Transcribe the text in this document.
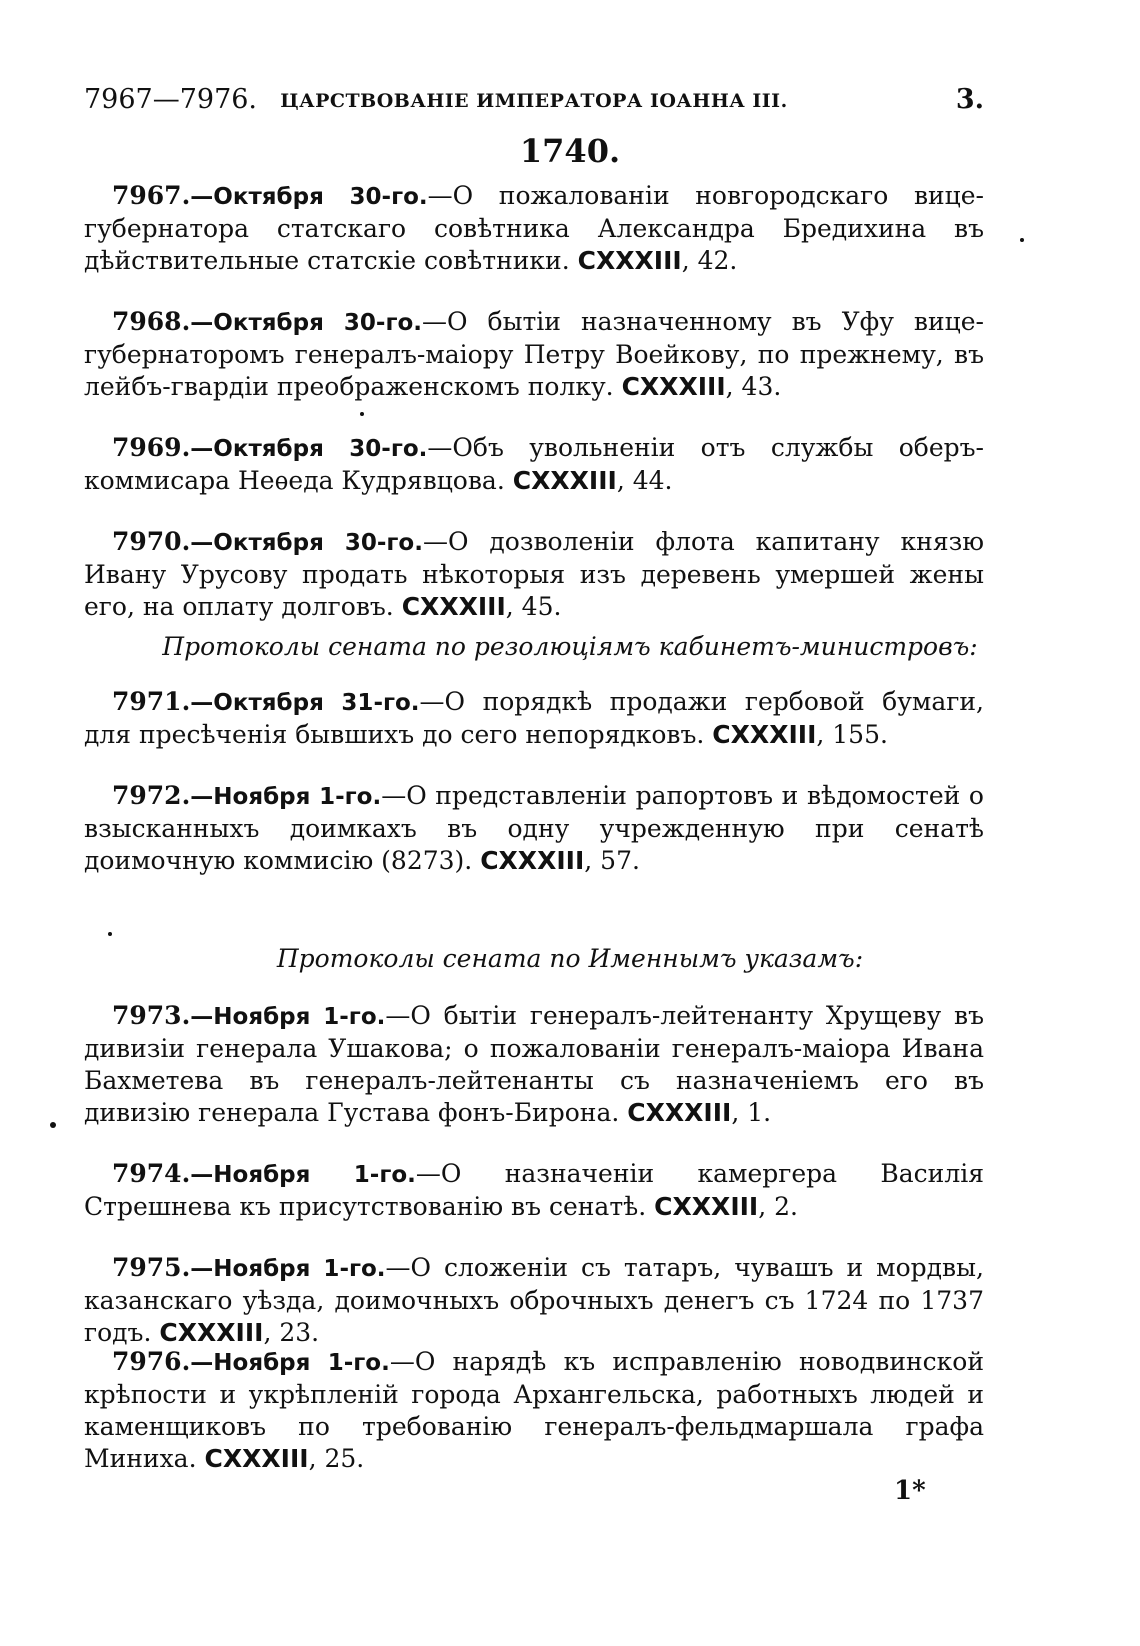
7967—7976.	ЦАРСТВОВАНІЕ ИМПЕРАТОРА ІОАННА III.	3.
1740.
7967.—Октября 30-го.—О пожалованіи новгородскаго вице-губернатора статскаго совѣтника Александра Бредихина въ дѣйствительные статскіе совѣтники. CXXXIII, 42.
7968.—Октября 30-го.—О бытіи назначенному въ Уфу вице-губернаторомъ генералъ-маіору Петру Воейкову, по прежнему, въ лейбъ-гвардіи преображенскомъ полку. CXXXIII, 43.
7969.—Октября 30-го.—Объ увольненіи отъ службы оберъ-коммисара Неѳеда Кудрявцова. CXXXIII, 44.
7970.—Октября 30-го.—О дозволеніи флота капитану князю Ивану Урусову продать нѣкоторыя изъ деревень умершей жены его, на оплату долговъ. CXXXIII, 45.
Протоколы сената по резолюціямъ кабинетъ-министровъ:
7971.—Октября 31-го.—О порядкѣ продажи гербовой бумаги, для пресѣченія бывшихъ до сего непорядковъ. CXXXIII, 155.
7972.—Ноября 1-го.—О представленіи рапортовъ и вѣдомостей о взысканныхъ доимкахъ въ одну учрежденную при сенатѣ доимочную коммисію (8273). CXXXIII, 57.
Протоколы сената по Именнымъ указамъ:
7973.—Ноября 1-го.—О бытіи генералъ-лейтенанту Хрущеву въ дивизіи генерала Ушакова; о пожалованіи генералъ-маіора Ивана Бахметева въ генералъ-лейтенанты съ назначеніемъ его въ дивизію генерала Густава фонъ-Бирона. CXXXIII, 1.
7974.—Ноября 1-го.—О назначеніи камергера Василія Стрешнева къ присутствованію въ сенатѣ. CXXXIII, 2.
7975.—Ноября 1-го.—О сложеніи съ татаръ, чувашъ и мордвы, казанскаго уѣзда, доимочныхъ оброчныхъ денегъ съ 1724 по 1737 годъ. CXXXIII, 23.
7976.—Ноября 1-го.—О нарядѣ къ исправленію новодвинской крѣпости и укрѣпленій города Архангельска, работныхъ людей и каменщиковъ по требованію генералъ-фельдмаршала графа Миниха. CXXXIII, 25.
1*
